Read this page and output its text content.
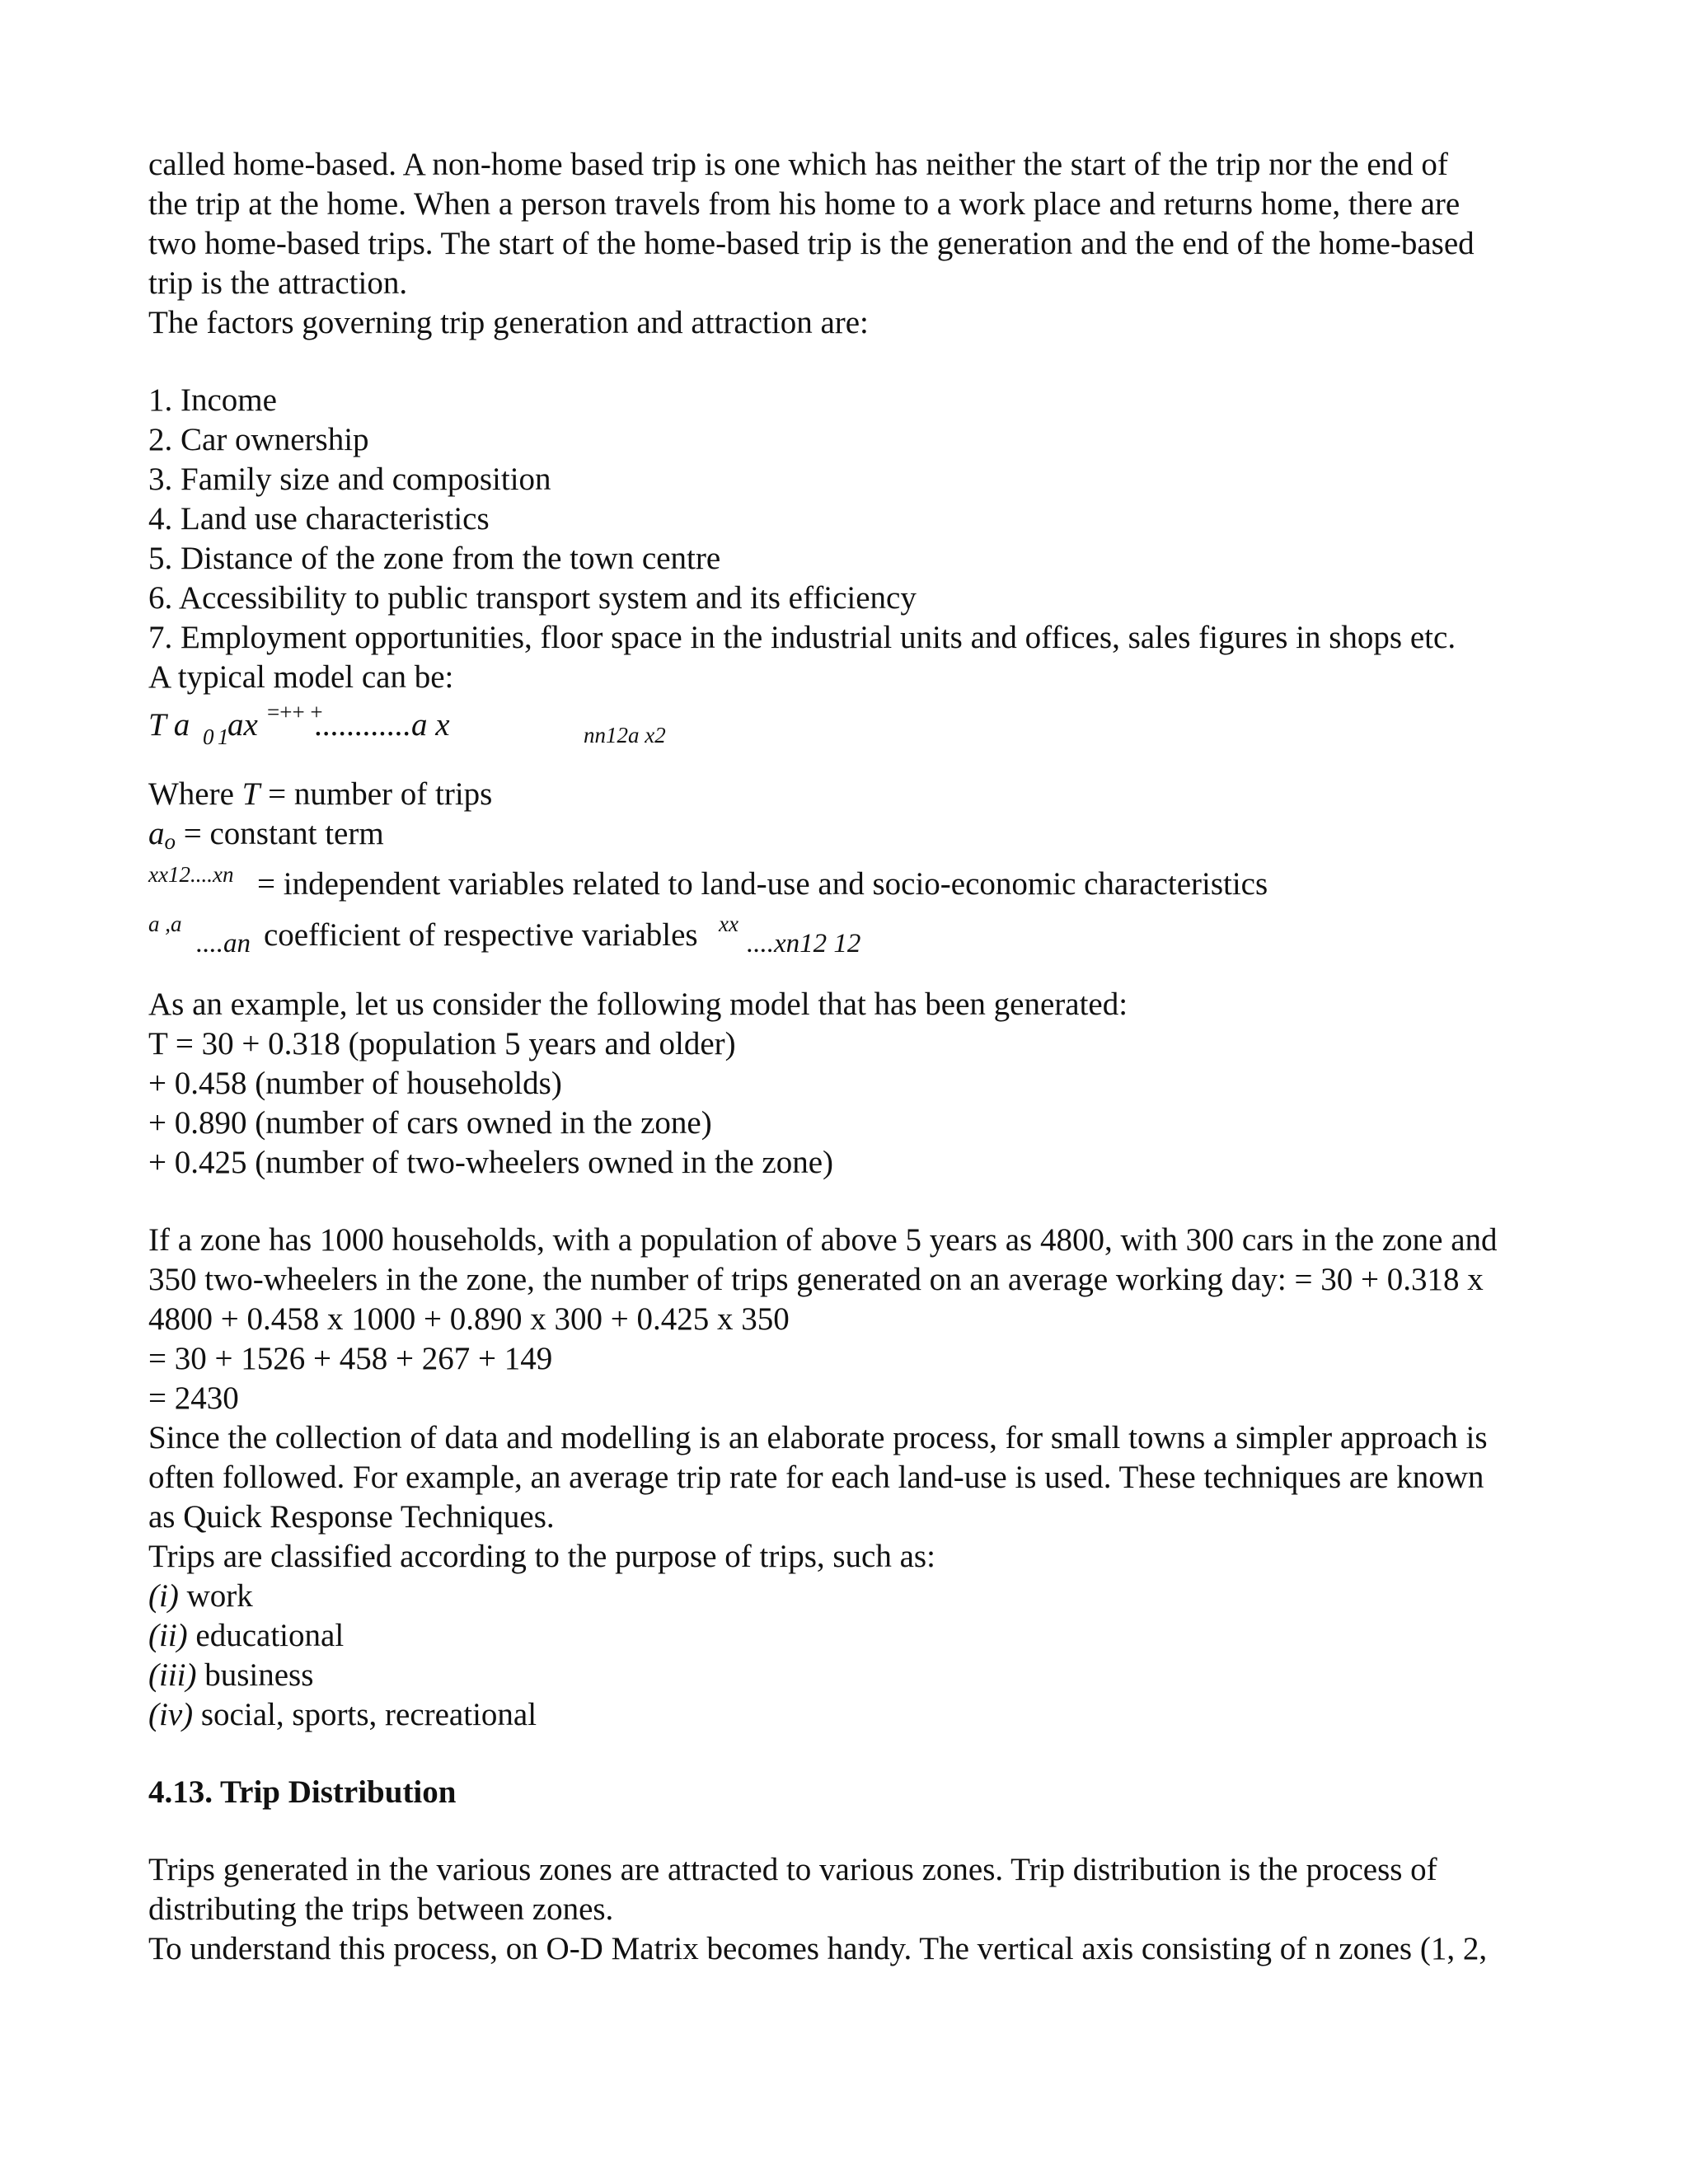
called home-based. A non-home based trip is one which has neither the start of the trip nor the end of
the trip at the home. When a person travels from his home to a work place and returns home, there are
two home-based trips. The start of the home-based trip is the generation and the end of the home-based
trip is the attraction.
The factors governing trip generation and attraction are:
1. Income
2. Car ownership
3. Family size and composition
4. Land use characteristics
5. Distance of the zone from the town centre
6. Accessibility to public transport system and its efficiency
7. Employment opportunities, floor space in the industrial units and offices, sales figures in shops etc.
A typical model can be:
T a 0 1
ax =++ +
............a x	nn12a x2
Where T = number of trips
ao = constant term
xx12....xn = independent variables related to land-use and socio-economic characteristics
a ,a
....an coefficient of respective variables xx
....xn12 12
As an example, let us consider the following model that has been generated:
T = 30 + 0.318 (population 5 years and older)
+ 0.458 (number of households)
+ 0.890 (number of cars owned in the zone)
+ 0.425 (number of two-wheelers owned in the zone)
If a zone has 1000 households, with a population of above 5 years as 4800, with 300 cars in the zone and
350 two-wheelers in the zone, the number of trips generated on an average working day: = 30 + 0.318 x
4800 + 0.458 x 1000 + 0.890 x 300 + 0.425 x 350
= 30 + 1526 + 458 + 267 + 149
= 2430
Since the collection of data and modelling is an elaborate process, for small towns a simpler approach is
often followed. For example, an average trip rate for each land-use is used. These techniques are known
as Quick Response Techniques.
Trips are classified according to the purpose of trips, such as:
(i) work
(ii) educational
(iii) business
(iv) social, sports, recreational
4.13. Trip Distribution
Trips generated in the various zones are attracted to various zones. Trip distribution is the process of
distributing the trips between zones.
To understand this process, on O-D Matrix becomes handy. The vertical axis consisting of n zones (1, 2,
